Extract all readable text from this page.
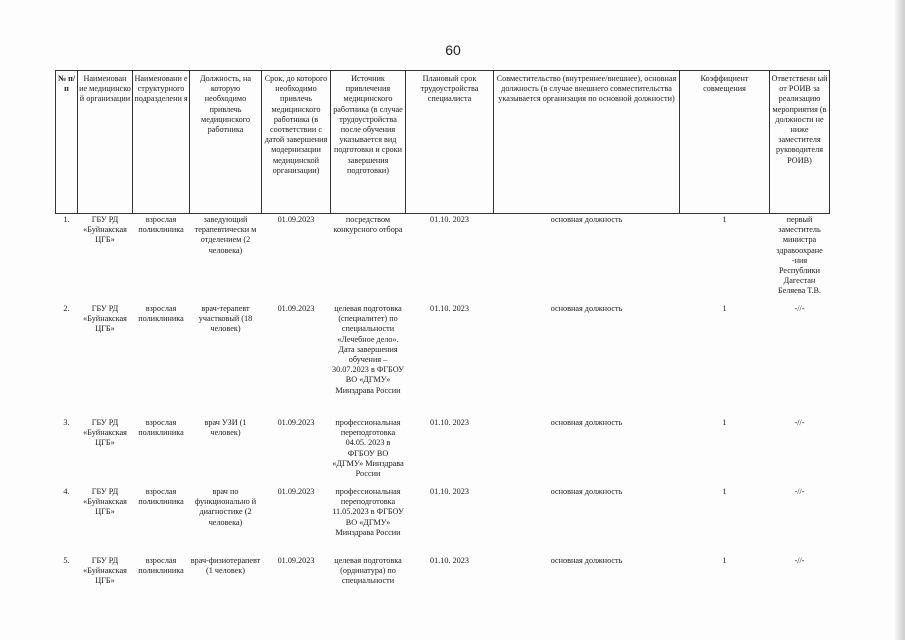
60
№ п/ п	Наименован ие медицинско й организации	Наименовани е структурного подразделени я	Должность, на которую необходимо привлечь медицинского работника	Срок, до которого необходимо привлечь медицинского работника (в соответствии с датой завершения модернизации медицинской организации)	Источник привлечения медицинского работника (в случае трудоустройства после обучения указывается вид подготовки и сроки завершения подготовки)	Плановый срок трудоустройства специалиста	Совместительство (внутреннее/внешнее), основная должность (в случае внешнего совместительства указывается организация по основной должности)	Коэффициент совмещения	Ответственн ый от РОИВ за реализацию мероприятия (в должности не ниже заместителя руководителя РОИВ)
1.	ГБУ РД «Буйнакская ЦГБ»	взрослая поликлиника	заведующий терапевтически м отделением (2 человека)	01.09.2023	посредством конкурсного отбора	01.10. 2023	основная должность	1	первый заместитель министра здравоохране -ния Республики Дагестан Беляева Т.В.
2.	ГБУ РД «Буйнакская ЦГБ»	взрослая поликлиника	врач-терапевт участковый (18 человек)	01.09.2023	целевая подготовка (специалитет) по специальности «Лечебное дело». Дата завершения обучения – 30.07.2023 в ФГБОУ ВО «ДГМУ» Минздрава России	01.10. 2023	основная должность	1	-//-
3.	ГБУ РД «Буйнакская ЦГБ»	взрослая поликлиника	врач УЗИ (1 человек)	01.09.2023	профессиональная переподготовка 04.05. 2023 в ФГБОУ ВО «ДГМУ» Минздрава России	01.10. 2023	основная должность	1	-//-
4.	ГБУ РД «Буйнакская ЦГБ»	взрослая поликлиника	врач по функционально й диагностике (2 человека)	01.09.2023	профессиональная переподготовка 11.05.2023 в ФГБОУ ВО «ДГМУ» Минздрава России	01.10. 2023	основная должность	1	-//-
5.	ГБУ РД «Буйнакская ЦГБ»	взрослая поликлиника	врач-физиотерапевт (1 человек)	01.09.2023	целевая подготовка (ординатура) по специальности	01.10. 2023	основная должность	1	-//-
